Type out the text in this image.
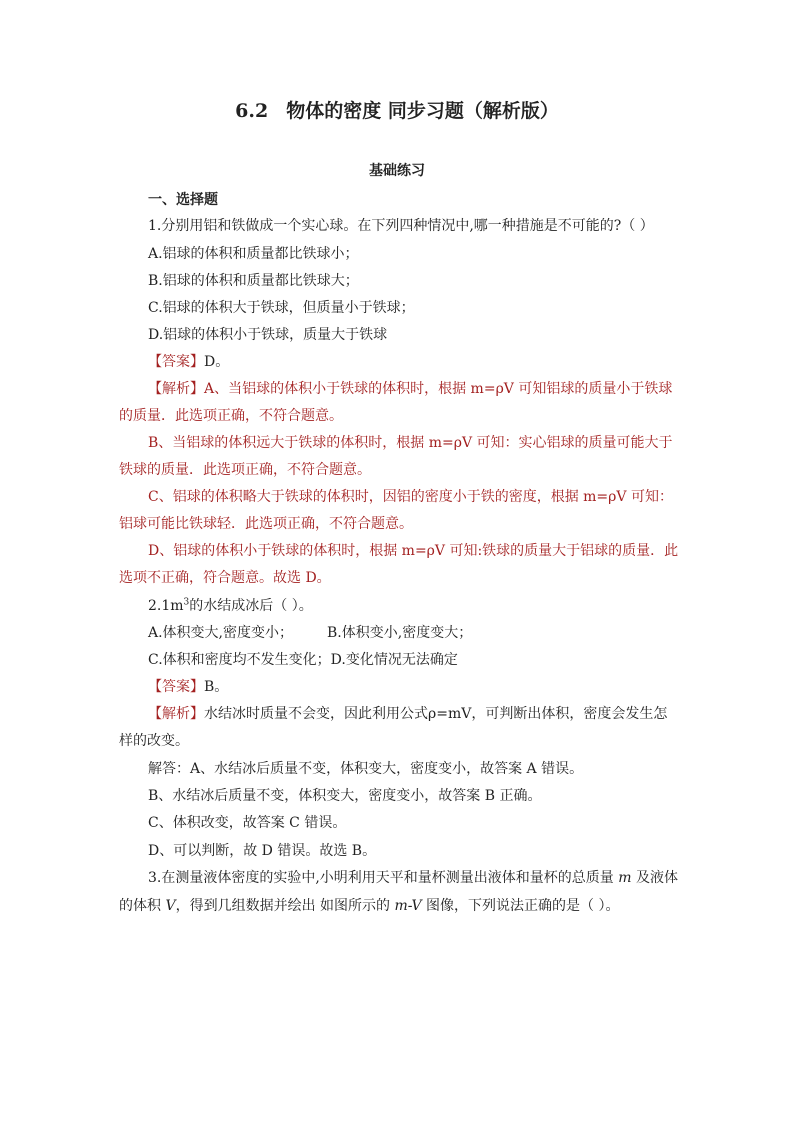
6.2 物体的密度 同步习题（解析版）
基础练习
一、选择题
1.分别用铝和铁做成一个实心球。在下列四种情况中,哪一种措施是不可能的?（ ）
A.铝球的体积和质量都比铁球小；
B.铝球的体积和质量都比铁球大；
C.铝球的体积大于铁球，但质量小于铁球；
D.铝球的体积小于铁球，质量大于铁球
【答案】D。
【解析】A、当铝球的体积小于铁球的体积时，根据 m=ρV 可知铝球的质量小于铁球
的质量．此选项正确，不符合题意。
B、当铝球的体积远大于铁球的体积时，根据 m=ρV 可知：实心铝球的质量可能大于
铁球的质量．此选项正确，不符合题意。
C、铝球的体积略大于铁球的体积时，因铝的密度小于铁的密度，根据 m=ρV 可知：
铝球可能比铁球轻．此选项正确，不符合题意。
D、铝球的体积小于铁球的体积时，根据 m=ρV 可知:铁球的质量大于铝球的质量．此
选项不正确，符合题意。故选 D。
$2.1m^3$的水结成冰后（ ）。
A.体积变大,密度变小； B.体积变小,密度变大；
C.体积和密度均不发生变化；D.变化情况无法确定
【答案】B。
【解析】水结冰时质量不会变，因此利用公式ρ=mV，可判断出体积，密度会发生怎
样的改变。
解答：A、水结冰后质量不变，体积变大，密度变小，故答案 A 错误。
B、水结冰后质量不变，体积变大，密度变小，故答案 B 正确。
C、体积改变，故答案 C 错误。
D、可以判断，故 D 错误。故选 B。
3.在测量液体密度的实验中,小明利用天平和量杯测量出液体和量杯的总质量 m 及液体
的体积 V，得到几组数据并绘出 如图所示的 m-V 图像，下列说法正确的是（ ）。
